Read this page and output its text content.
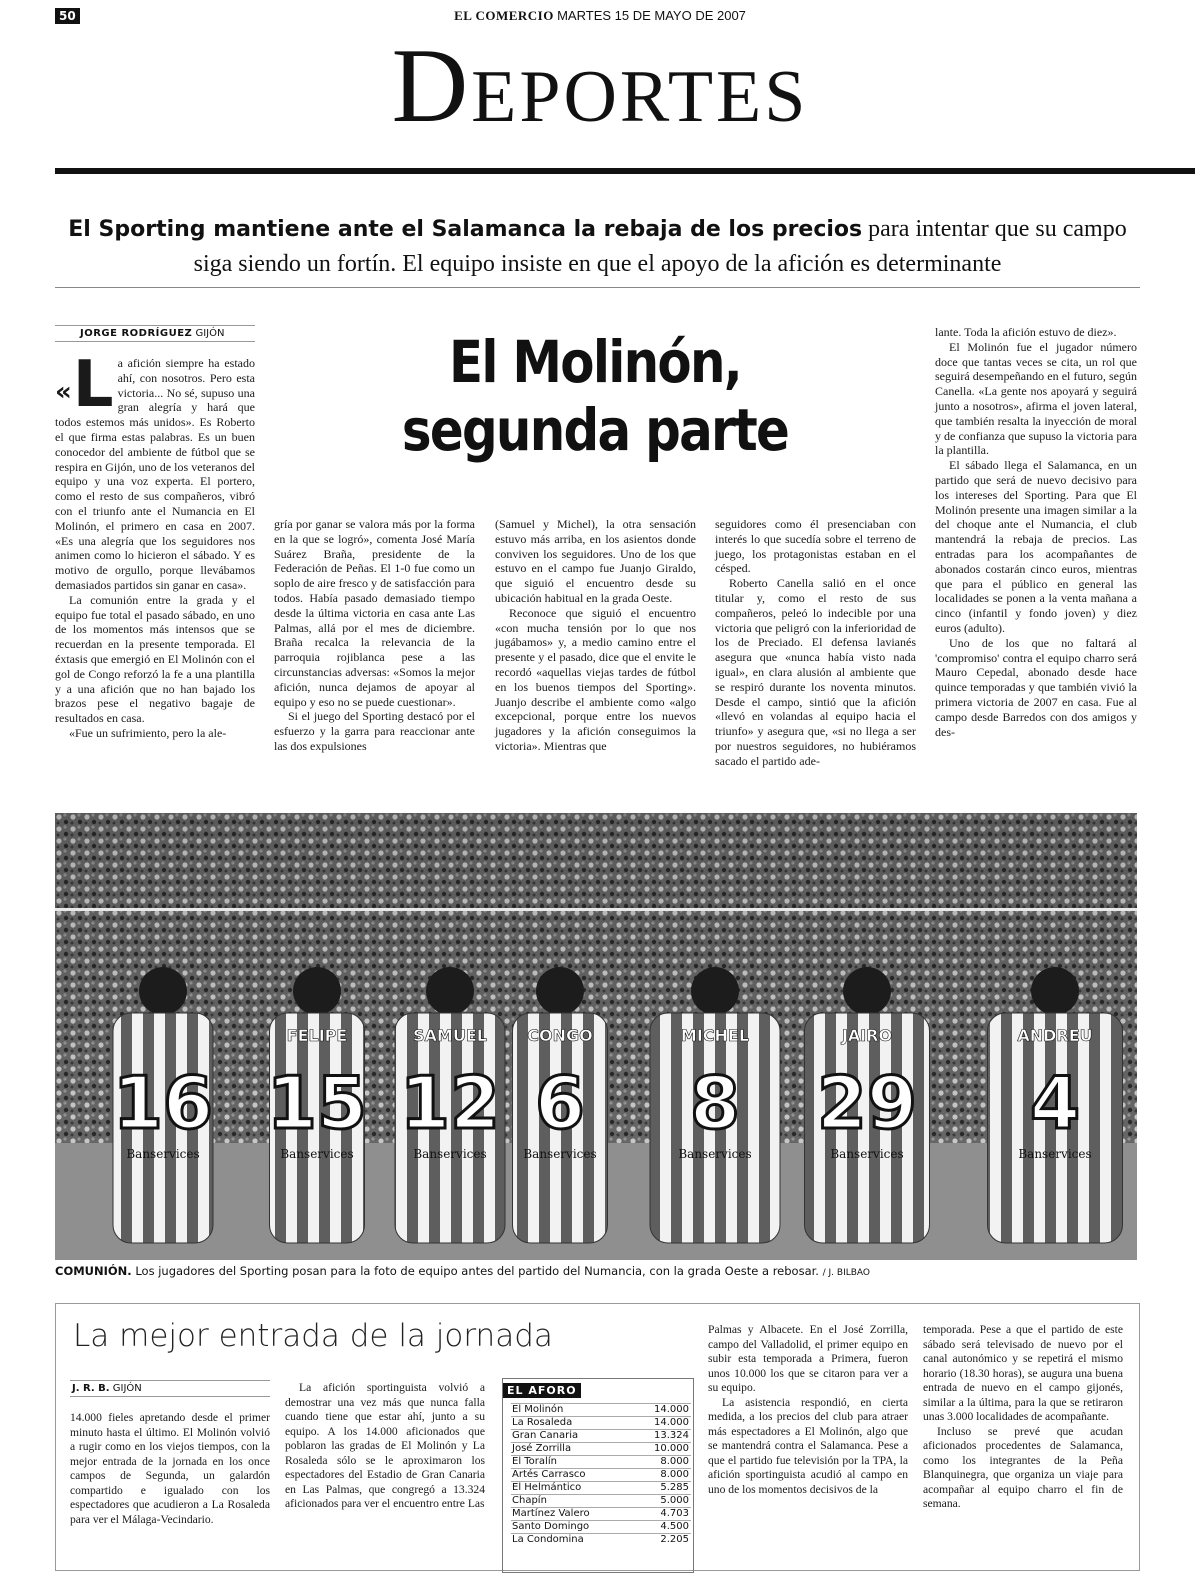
50	EL COMERCIO MARTES 15 DE MAYO DE 2007
Deportes
El Sporting mantiene ante el Salamanca la rebaja de los precios para intentar que su campo siga siendo un fortín. El equipo insiste en que el apoyo de la afición es determinante
JORGE RODRÍGUEZ GIJÓN	El Molinón,
segunda parte
« L a afición siempre ha estado ahí, con nosotros. Pero esta victoria... No sé, supuso una gran alegría y hará que todos estemos más unidos». Es Roberto el que firma estas palabras. Es un buen conocedor del ambiente de fútbol que se respira en Gijón, uno de los veteranos del equipo y una voz experta. El portero, como el resto de sus compañeros, vibró con el triunfo ante el Numancia en El Molinón, el primero en casa en 2007. «Es una alegría que los seguidores nos animen como lo hicieron el sábado. Y es motivo de orgullo, porque llevábamos demasiados partidos sin ganar en casa».

La comunión entre la grada y el equipo fue total el pasado sábado, en uno de los momentos más intensos que se recuerdan en la presente temporada. El éxtasis que emergió en El Molinón con el gol de Congo reforzó la fe a una plantilla y a una afición que no han bajado los brazos pese el negativo bagaje de resultados en casa.

«Fue un sufrimiento, pero la ale-

gría por ganar se valora más por la forma en la que se logró», comenta José María Suárez Braña, presidente de la Federación de Peñas. El 1-0 fue como un soplo de aire fresco y de satisfacción para todos. Había pasado demasiado tiempo desde la última victoria en casa ante Las Palmas, allá por el mes de diciembre. Braña recalca la relevancia de la parroquia rojiblanca pese a las circunstancias adversas: «Somos la mejor afición, nunca dejamos de apoyar al equipo y eso no se puede cuestionar».

Si el juego del Sporting destacó por el esfuerzo y la garra para reaccionar ante las dos expulsiones

(Samuel y Michel), la otra sensación estuvo más arriba, en los asientos donde conviven los seguidores. Uno de los que estuvo en el campo fue Juanjo Giraldo, que siguió el encuentro desde su ubicación habitual en la grada Oeste.

Reconoce que siguió el encuentro «con mucha tensión por lo que nos jugábamos» y, a medio camino entre el presente y el pasado, dice que el envite le recordó «aquellas viejas tardes de fútbol en los buenos tiempos del Sporting». Juanjo describe el ambiente como «algo excepcional, porque entre los nuevos jugadores y la afición conseguimos la victoria». Mientras que

seguidores como él presenciaban con interés lo que sucedía sobre el terreno de juego, los protagonistas estaban en el césped.

Roberto Canella salió en el once titular y, como el resto de sus compañeros, peleó lo indecible por una victoria que peligró con la inferioridad de los de Preciado. El defensa lavianés asegura que «nunca había visto nada igual», en clara alusión al ambiente que se respiró durante los noventa minutos. Desde el campo, sintió que la afición «llevó en volandas al equipo hacia el triunfo» y asegura que, «si no llega a ser por nuestros seguidores, no hubiéramos sacado el partido ade-

lante. Toda la afición estuvo de diez».

El Molinón fue el jugador número doce que tantas veces se cita, un rol que seguirá desempeñando en el futuro, según Canella. «La gente nos apoyará y seguirá junto a nosotros», afirma el joven lateral, que también resalta la inyección de moral y de confianza que supuso la victoria para la plantilla.

El sábado llega el Salamanca, en un partido que será de nuevo decisivo para los intereses del Sporting. Para que El Molinón presente una imagen similar a la del choque ante el Numancia, el club mantendrá la rebaja de precios. Las entradas para los acompañantes de abonados costarán cinco euros, mientras que para el público en general las localidades se ponen a la venta mañana a cinco (infantil y fondo joven) y diez euros (adulto).

Uno de los que no faltará al 'compromiso' contra el equipo charro será Mauro Cepedal, abonado desde hace quince temporadas y que también vivió la primera victoria de 2007 en casa. Fue al campo desde Barredos con dos amigos y des-

16
Banservices
FELIPE
15
Banservices
SAMUEL
12
Banservices
CONGO
6
Banservices
MICHEL
8
Banservices
JAIRO
29
Banservices
ANDREU
4
Banservices
COMUNIÓN. Los jugadores del Sporting posan para la foto de equipo antes del partido del Numancia, con la grada Oeste a rebosar. / J. BILBAO
La mejor entrada de la jornada
J. R. B. GIJÓN

14.000 fieles apretando desde el primer minuto hasta el último. El Molinón volvió a rugir como en los viejos tiempos, con la mejor entrada de la jornada en los once campos de Segunda, un galardón compartido e igualado con los espectadores que acudieron a La Rosaleda para ver el Málaga-Vecindario.

La afición sportinguista volvió a demostrar una vez más que nunca falla cuando tiene que estar ahí, junto a su equipo. A los 14.000 aficionados que poblaron las gradas de El Molinón y La Rosaleda sólo se le aproximaron los espectadores del Estadio de Gran Canaria en Las Palmas, que congregó a 13.324 aficionados para ver el encuentro entre Las

EL AFORO
El Molinón	14.000
La Rosaleda	14.000
Gran Canaria	13.324
José Zorrilla	10.000
El Toralín	8.000
Artés Carrasco	8.000
El Helmántico	5.285
Chapín	5.000
Martínez Valero	4.703
Santo Domingo	4.500
La Condomina	2.205

Palmas y Albacete. En el José Zorrilla, campo del Valladolid, el primer equipo en subir esta temporada a Primera, fueron unos 10.000 los que se citaron para ver a su equipo.

La asistencia respondió, en cierta medida, a los precios del club para atraer más espectadores a El Molinón, algo que se mantendrá contra el Salamanca. Pese a que el partido fue televisión por la TPA, la afición sportinguista acudió al campo en uno de los momentos decisivos de la

temporada. Pese a que el partido de este sábado será televisado de nuevo por el canal autonómico y se repetirá el mismo horario (18.30 horas), se augura una buena entrada de nuevo en el campo gijonés, similar a la última, para la que se retiraron unas 3.000 localidades de acompañante.

Incluso se prevé que acudan aficionados procedentes de Salamanca, como los integrantes de la Peña Blanquinegra, que organiza un viaje para acompañar al equipo charro el fin de semana.
